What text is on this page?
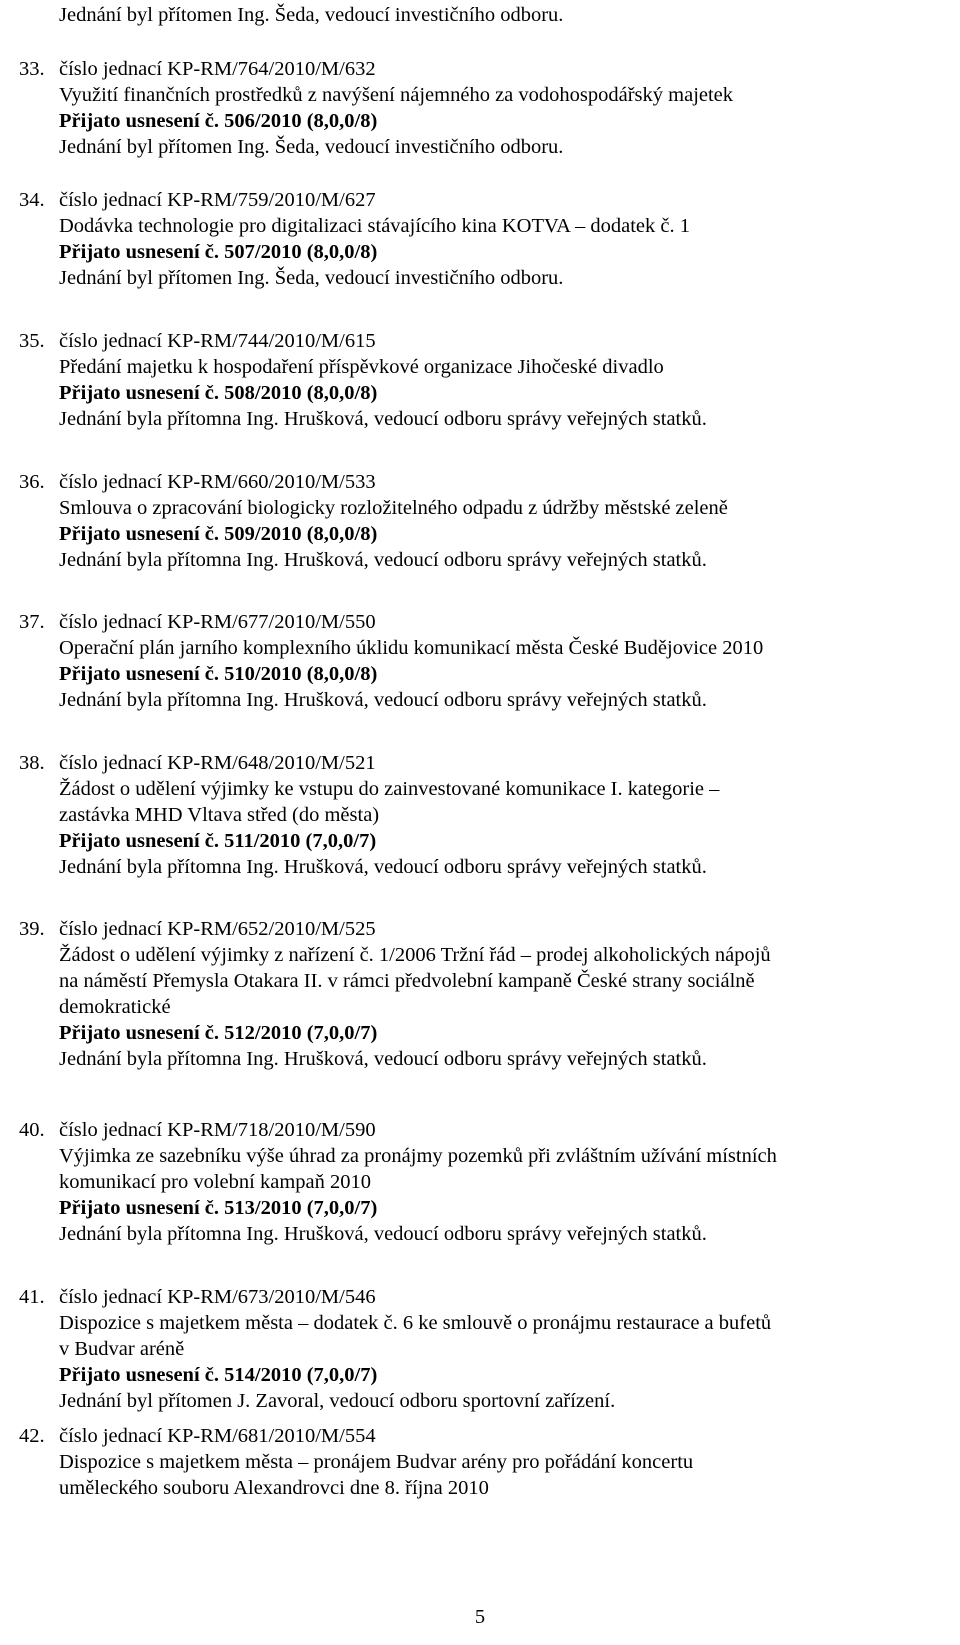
Jednání byl přítomen Ing. Šeda, vedoucí investičního odboru.
33. číslo jednací KP-RM/764/2010/M/632
Využití finančních prostředků z navýšení nájemného za vodohospodářský majetek
Přijato usnesení č. 506/2010 (8,0,0/8)
Jednání byl přítomen Ing. Šeda, vedoucí investičního odboru.
34. číslo jednací KP-RM/759/2010/M/627
Dodávka technologie pro digitalizaci stávajícího kina KOTVA – dodatek č. 1
Přijato usnesení č. 507/2010 (8,0,0/8)
Jednání byl přítomen Ing. Šeda, vedoucí investičního odboru.
35. číslo jednací KP-RM/744/2010/M/615
Předání majetku k hospodaření příspěvkové organizace Jihočeské divadlo
Přijato usnesení č. 508/2010 (8,0,0/8)
Jednání byla přítomna Ing. Hrušková, vedoucí odboru správy veřejných statků.
36. číslo jednací KP-RM/660/2010/M/533
Smlouva o zpracování biologicky rozložitelného odpadu z údržby městské zeleně
Přijato usnesení č. 509/2010 (8,0,0/8)
Jednání byla přítomna Ing. Hrušková, vedoucí odboru správy veřejných statků.
37. číslo jednací KP-RM/677/2010/M/550
Operační plán jarního komplexního úklidu komunikací města České Budějovice 2010
Přijato usnesení č. 510/2010 (8,0,0/8)
Jednání byla přítomna Ing. Hrušková, vedoucí odboru správy veřejných statků.
38. číslo jednací KP-RM/648/2010/M/521
Žádost o udělení výjimky ke vstupu do zainvestované komunikace I. kategorie –
zastávka MHD Vltava střed (do města)
Přijato usnesení č. 511/2010 (7,0,0/7)
Jednání byla přítomna Ing. Hrušková, vedoucí odboru správy veřejných statků.
39. číslo jednací KP-RM/652/2010/M/525
Žádost o udělení výjimky z nařízení č. 1/2006 Tržní řád – prodej alkoholických nápojů
na náměstí Přemysla Otakara II. v rámci předvolební kampaně České strany sociálně
demokratické
Přijato usnesení č. 512/2010 (7,0,0/7)
Jednání byla přítomna Ing. Hrušková, vedoucí odboru správy veřejných statků.
40. číslo jednací KP-RM/718/2010/M/590
Výjimka ze sazebníku výše úhrad za pronájmy pozemků při zvláštním užívání místních
komunikací pro volební kampaň 2010
Přijato usnesení č. 513/2010 (7,0,0/7)
Jednání byla přítomna Ing. Hrušková, vedoucí odboru správy veřejných statků.
41. číslo jednací KP-RM/673/2010/M/546
Dispozice s majetkem města – dodatek č. 6 ke smlouvě o pronájmu restaurace a bufetů
v Budvar aréně
Přijato usnesení č. 514/2010 (7,0,0/7)
Jednání byl přítomen J. Zavoral, vedoucí odboru sportovní zařízení.
42. číslo jednací KP-RM/681/2010/M/554
Dispozice s majetkem města – pronájem Budvar arény pro pořádání koncertu
uměleckého souboru Alexandrovci dne 8. října 2010
5
